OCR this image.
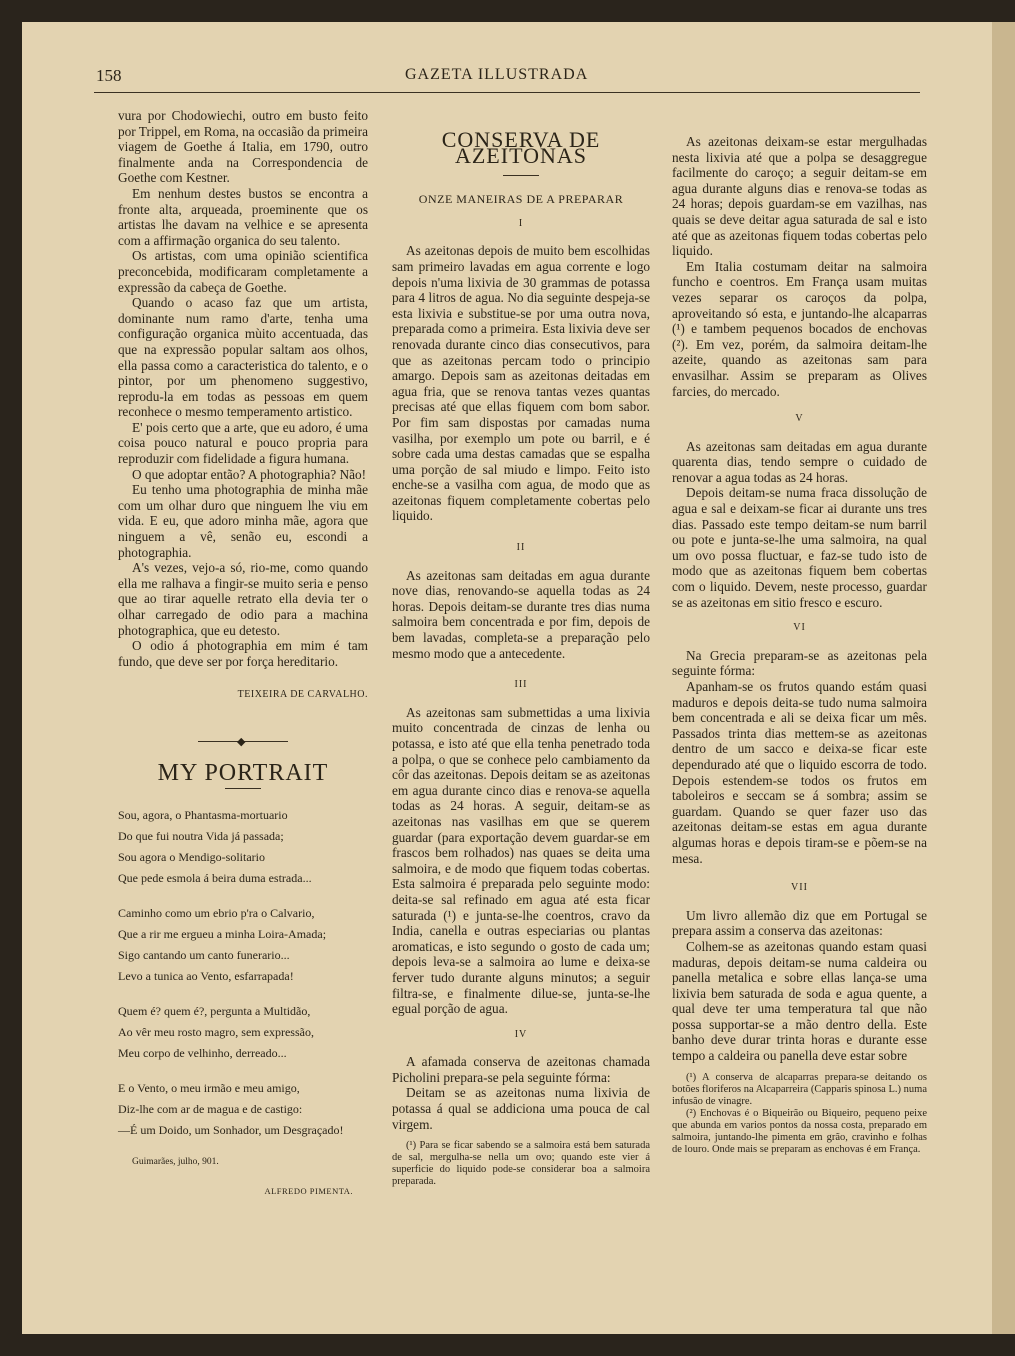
158	GAZETA ILLUSTRADA

vura por Chodowiechi, outro em busto feito por Trippel, em Roma, na occasião da primeira viagem de Goethe á Italia, em 1790, outro finalmente anda na Correspondencia de Goethe com Kestner.

Em nenhum destes bustos se encontra a fronte alta, arqueada, proeminente que os artistas lhe davam na velhice e se apresenta com a affirmação organica do seu talento.

Os artistas, com uma opinião scientifica preconcebida, modificaram completamente a expressão da cabeça de Goethe.

Quando o acaso faz que um artista, dominante num ramo d'arte, tenha uma configuração organica mùito accentuada, das que na expressão popular saltam aos olhos, ella passa como a caracteristica do talento, e o pintor, por um phenomeno suggestivo, reprodu-la em todas as pessoas em quem reconhece o mesmo temperamento artistico.

E' pois certo que a arte, que eu adoro, é uma coisa pouco natural e pouco propria para reproduzir com fidelidade a figura humana.

O que adoptar então? A photographia? Não!

Eu tenho uma photographia de minha mãe com um olhar duro que ninguem lhe viu em vida. E eu, que adoro minha mãe, agora que ninguem a vê, senão eu, escondi a photographia.

A's vezes, vejo-a só, rio-me, como quando ella me ralhava a fingir-se muito seria e penso que ao tirar aquelle retrato ella devia ter o olhar carregado de odio para a machina photographica, que eu detesto.

O odio á photographia em mim é tam fundo, que deve ser por força hereditario.

TEIXEIRA DE CARVALHO.
◆
MY PORTRAIT
Sou, agora, o Phantasma-mortuario
Do que fui noutra Vida já passada;
Sou agora o Mendigo-solitario
Que pede esmola á beira duma estrada...
Caminho como um ebrio p'ra o Calvario,
Que a rir me ergueu a minha Loira-Amada;
Sigo cantando um canto funerario...
Levo a tunica ao Vento, esfarrapada!
Quem é? quem é?, pergunta a Multidão,
Ao vêr meu rosto magro, sem expressão,
Meu corpo de velhinho, derreado...
E o Vento, o meu irmão e meu amigo,
Diz-lhe com ar de magua e de castigo:
—É um Doido, um Sonhador, um Desgraçado!
Guimarães, julho, 901.
ALFREDO PIMENTA.
CONSERVA DE AZEITONAS
ONZE MANEIRAS DE A PREPARAR
I

As azeitonas depois de muito bem escolhidas sam primeiro lavadas em agua corrente e logo depois n'uma lixivia de 30 grammas de potassa para 4 litros de agua. No dia seguinte despeja-se esta lixivia e substitue-se por uma outra nova, preparada como a primeira. Esta lixivia deve ser renovada durante cinco dias consecutivos, para que as azeitonas percam todo o principio amargo. Depois sam as azeitonas deitadas em agua fria, que se renova tantas vezes quantas precisas até que ellas fiquem com bom sabor. Por fim sam dispostas por camadas numa vasilha, por exemplo um pote ou barril, e é sobre cada uma destas camadas que se espalha uma porção de sal miudo e limpo. Feito isto enche-se a vasilha com agua, de modo que as azeitonas fiquem completamente cobertas pelo liquido.

II

As azeitonas sam deitadas em agua durante nove dias, renovando-se aquella todas as 24 horas. Depois deitam-se durante tres dias numa salmoira bem concentrada e por fim, depois de bem lavadas, completa-se a preparação pelo mesmo modo que a antecedente.

III

As azeitonas sam submettidas a uma lixivia muito concentrada de cinzas de lenha ou potassa, e isto até que ella tenha penetrado toda a polpa, o que se conhece pelo cambiamento da côr das azeitonas. Depois deitam se as azeitonas em agua durante cinco dias e renova-se aquella todas as 24 horas. A seguir, deitam-se as azeitonas nas vasilhas em que se querem guardar (para exportação devem guardar-se em frascos bem rolhados) nas quaes se deita uma salmoira, e de modo que fiquem todas cobertas. Esta salmoira é preparada pelo seguinte modo: deita-se sal refinado em agua até esta ficar saturada (¹) e junta-se-lhe coentros, cravo da India, canella e outras especiarias ou plantas aromaticas, e isto segundo o gosto de cada um; depois leva-se a salmoira ao lume e deixa-se ferver tudo durante alguns minutos; a seguir filtra-se, e finalmente dilue-se, junta-se-lhe egual porção de agua.

IV

A afamada conserva de azeitonas chamada Picholini prepara-se pela seguinte fórma:

Deitam se as azeitonas numa lixivia de potassa á qual se addiciona uma pouca de cal virgem.

(¹) Para se ficar sabendo se a salmoira está bem saturada de sal, mergulha-se nella um ovo; quando este vier á superficie do liquido pode-se considerar boa a salmoira preparada.

As azeitonas deixam-se estar mergulhadas nesta lixivia até que a polpa se desaggregue facilmente do caroço; a seguir deitam-se em agua durante alguns dias e renova-se todas as 24 horas; depois guardam-se em vazilhas, nas quais se deve deitar agua saturada de sal e isto até que as azeitonas fiquem todas cobertas pelo liquido.

Em Italia costumam deitar na salmoira funcho e coentros. Em França usam muitas vezes separar os caroços da polpa, aproveitando só esta, e juntando-lhe alcaparras (¹) e tambem pequenos bocados de enchovas (²). Em vez, porém, da salmoira deitam-lhe azeite, quando as azeitonas sam para envasilhar. Assim se preparam as Olives farcies, do mercado.

V

As azeitonas sam deitadas em agua durante quarenta dias, tendo sempre o cuidado de renovar a agua todas as 24 horas.

Depois deitam-se numa fraca dissolução de agua e sal e deixam-se ficar ai durante uns tres dias. Passado este tempo deitam-se num barril ou pote e junta-se-lhe uma salmoira, na qual um ovo possa fluctuar, e faz-se tudo isto de modo que as azeitonas fiquem bem cobertas com o liquido. Devem, neste processo, guardar se as azeitonas em sitio fresco e escuro.

VI

Na Grecia preparam-se as azeitonas pela seguinte fórma:

Apanham-se os frutos quando estám quasi maduros e depois deita-se tudo numa salmoira bem concentrada e ali se deixa ficar um mês. Passados trinta dias mettem-se as azeitonas dentro de um sacco e deixa-se ficar este dependurado até que o liquido escorra de todo. Depois estendem-se todos os frutos em taboleiros e seccam se á sombra; assim se guardam. Quando se quer fazer uso das azeitonas deitam-se estas em agua durante algumas horas e depois tiram-se e põem-se na mesa.

VII

Um livro allemão diz que em Portugal se prepara assim a conserva das azeitonas:

Colhem-se as azeitonas quando estam quasi maduras, depois deitam-se numa caldeira ou panella metalica e sobre ellas lança-se uma lixivia bem saturada de soda e agua quente, a qual deve ter uma temperatura tal que não possa supportar-se a mão dentro della. Este banho deve durar trinta horas e durante esse tempo a caldeira ou panella deve estar sobre

(¹) A conserva de alcaparras prepara-se deitando os botões floriferos na Alcaparreira (Capparis spinosa L.) numa infusão de vinagre.

(²) Enchovas é o Biqueirão ou Biqueiro, pequeno peixe que abunda em varios pontos da nossa costa, preparado em salmoira, juntando-lhe pimenta em grão, cravinho e folhas de louro. Onde mais se preparam as enchovas é em França.
